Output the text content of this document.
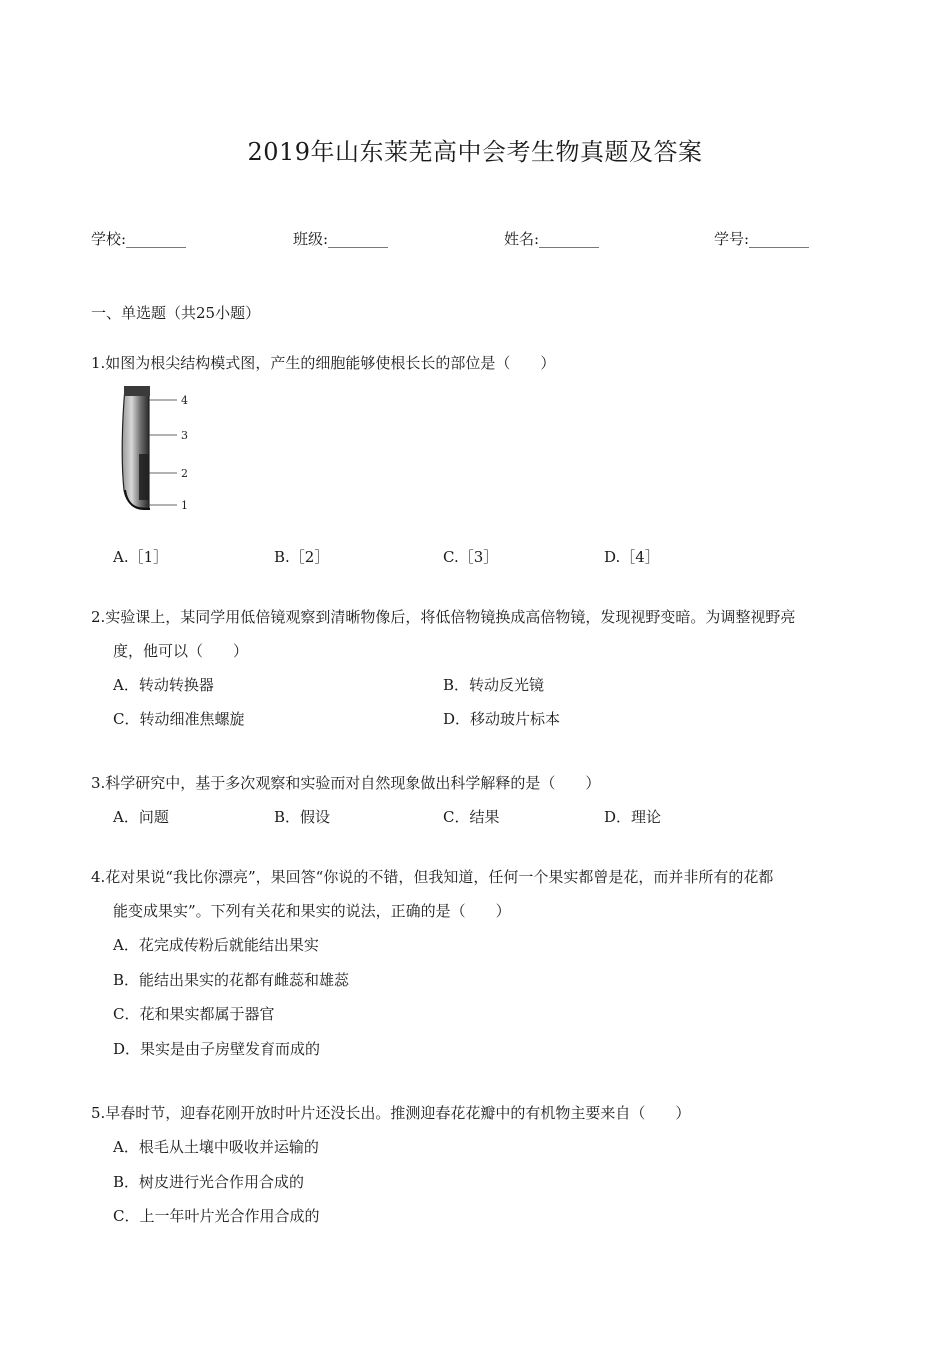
2019年山东莱芜高中会考生物真题及答案
学校:________	班级:________	姓名:________	学号:________
一、单选题（共25小题）
1.如图为根尖结构模式图，产生的细胞能够使根长长的部位是（　　）
4
3
2
1
A.［1］	B.［2］	C.［3］	D.［4］
2.实验课上，某同学用低倍镜观察到清晰物像后，将低倍物镜换成高倍物镜，发现视野变暗。为调整视野亮
度，他可以（　　）
A．转动转换器	B．转动反光镜
C．转动细准焦螺旋	D．移动玻片标本
3.科学研究中，基于多次观察和实验而对自然现象做出科学解释的是（　　）
A．问题	B．假设	C．结果	D．理论
4.花对果说“我比你漂亮”，果回答“你说的不错，但我知道，任何一个果实都曾是花，而并非所有的花都
能变成果实”。下列有关花和果实的说法，正确的是（　　）
A．花完成传粉后就能结出果实
B．能结出果实的花都有雌蕊和雄蕊
C．花和果实都属于器官
D．果实是由子房壁发育而成的
5.早春时节，迎春花刚开放时叶片还没长出。推测迎春花花瓣中的有机物主要来自（　　）
A．根毛从土壤中吸收并运输的
B．树皮进行光合作用合成的
C．上一年叶片光合作用合成的
